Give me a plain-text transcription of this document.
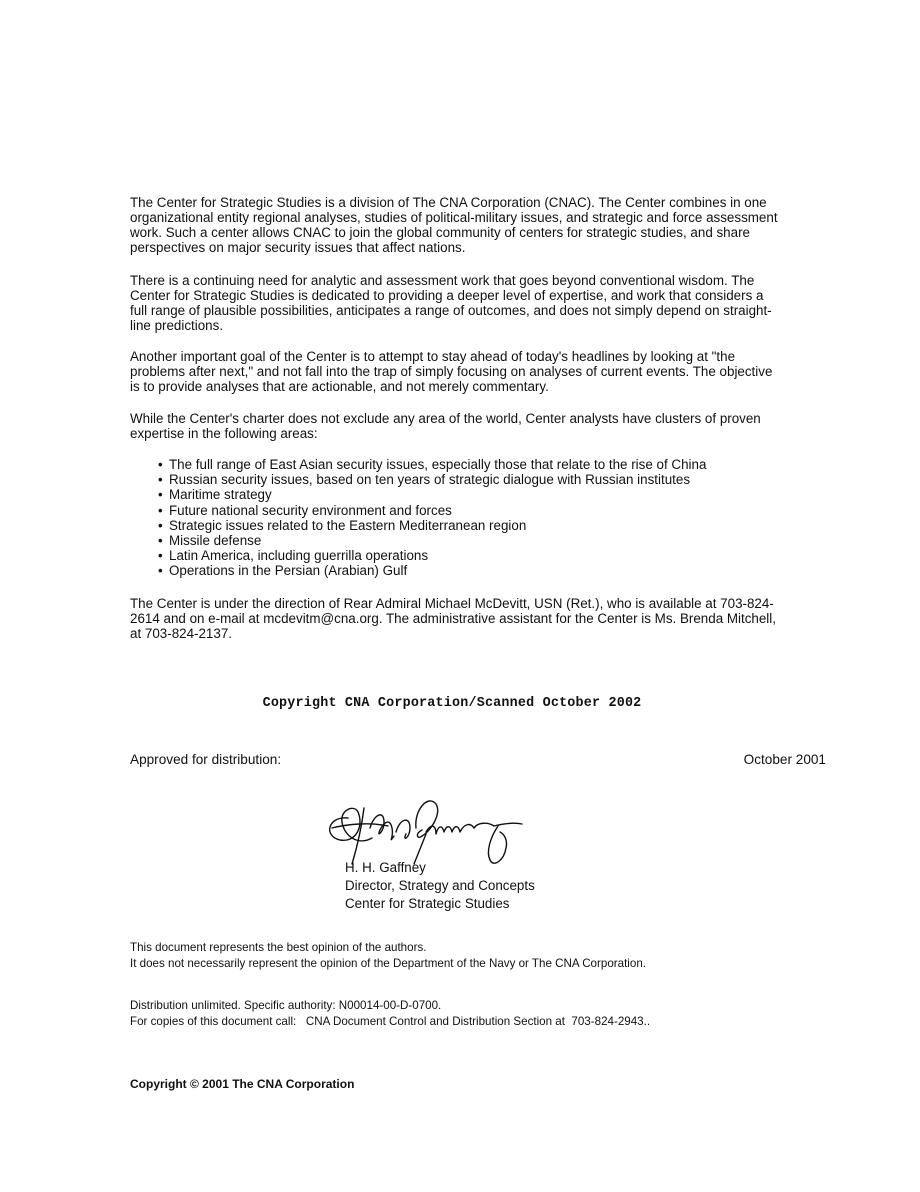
The Center for Strategic Studies is a division of The CNA Corporation (CNAC). The Center combines in one organizational entity regional analyses, studies of political-military issues, and strategic and force assessment work. Such a center allows CNAC to join the global community of centers for strategic studies, and share perspectives on major security issues that affect nations.

There is a continuing need for analytic and assessment work that goes beyond conventional wisdom. The Center for Strategic Studies is dedicated to providing a deeper level of expertise, and work that considers a full range of plausible possibilities, anticipates a range of outcomes, and does not simply depend on straight-line predictions.

Another important goal of the Center is to attempt to stay ahead of today's headlines by looking at "the problems after next," and not fall into the trap of simply focusing on analyses of current events. The objective is to provide analyses that are actionable, and not merely commentary.

While the Center's charter does not exclude any area of the world, Center analysts have clusters of proven expertise in the following areas:

• The full range of East Asian security issues, especially those that relate to the rise of China
• Russian security issues, based on ten years of strategic dialogue with Russian institutes
• Maritime strategy
• Future national security environment and forces
• Strategic issues related to the Eastern Mediterranean region
• Missile defense
• Latin America, including guerrilla operations
• Operations in the Persian (Arabian) Gulf

The Center is under the direction of Rear Admiral Michael McDevitt, USN (Ret.), who is available at 703-824-2614 and on e-mail at mcdevitm@cna.org. The administrative assistant for the Center is Ms. Brenda Mitchell, at 703-824-2137.

Copyright CNA Corporation/Scanned October 2002
Approved for distribution:	October 2001
H. H. Gaffney
Director, Strategy and Concepts
Center for Strategic Studies
This document represents the best opinion of the authors.
It does not necessarily represent the opinion of the Department of the Navy or The CNA Corporation.
Distribution unlimited. Specific authority: N00014-00-D-0700.
For copies of this document call:   CNA Document Control and Distribution Section at  703-824-2943..
Copyright © 2001 The CNA Corporation
